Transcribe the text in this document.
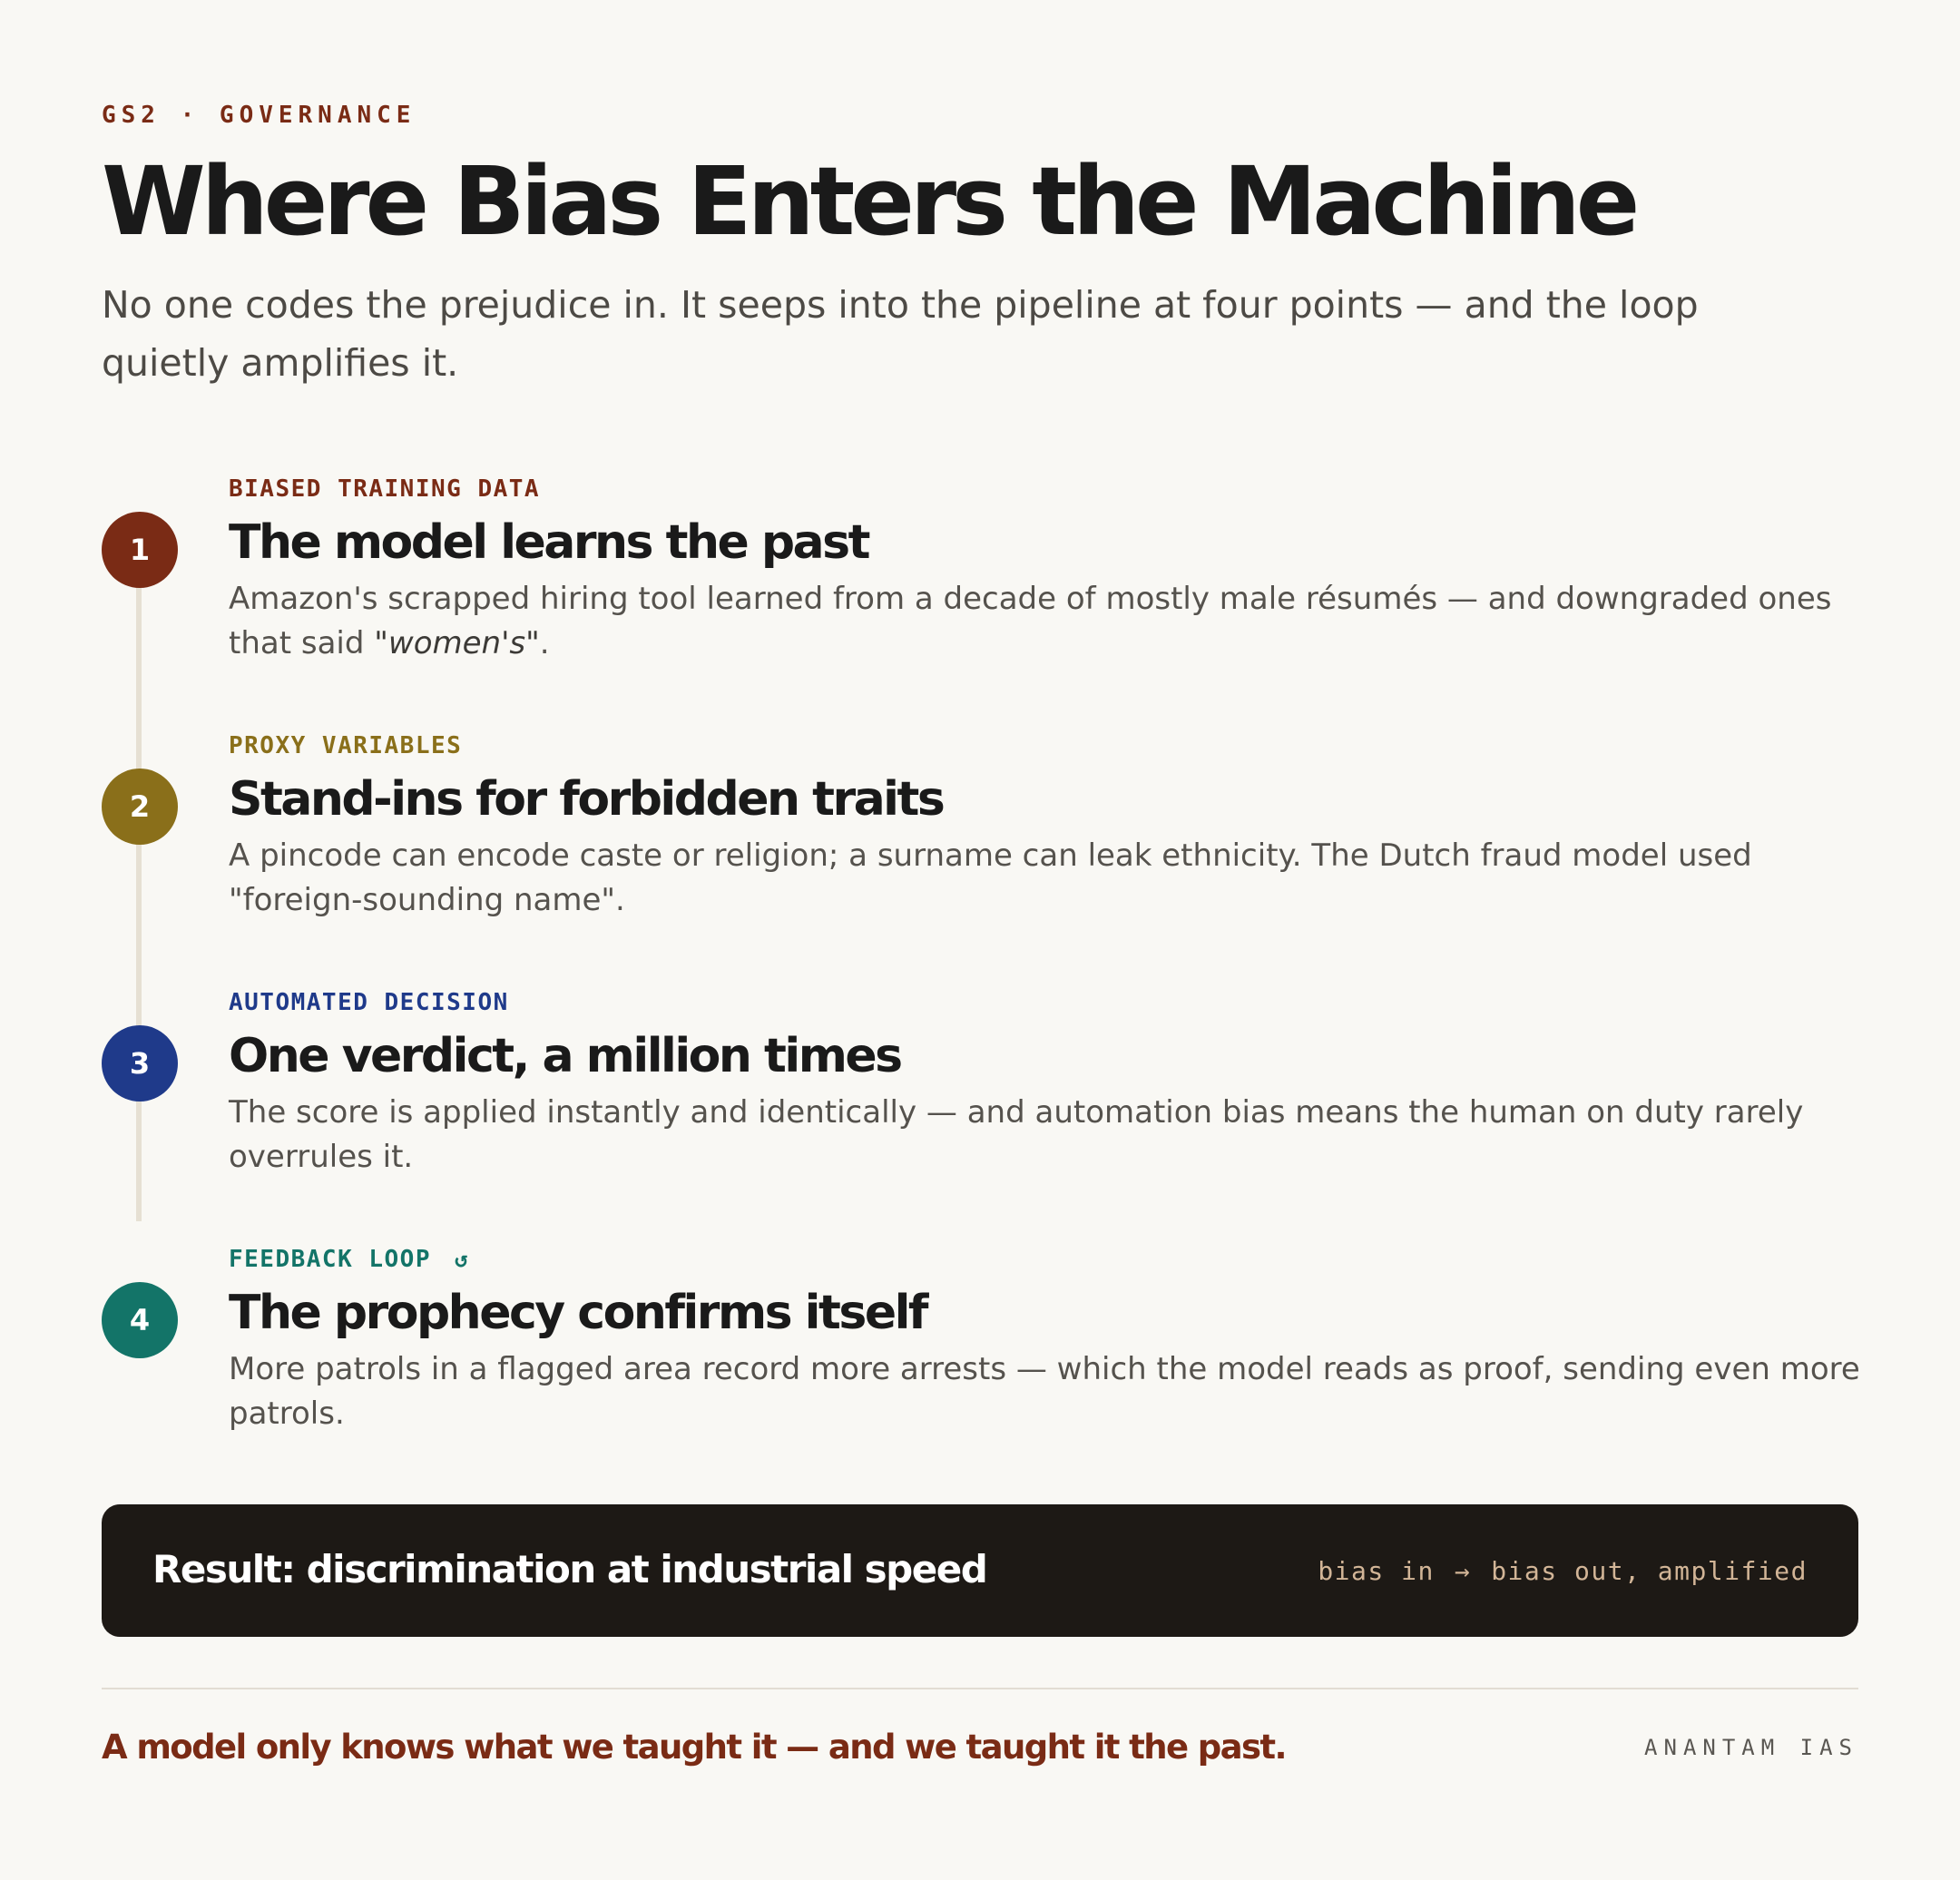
GS2 · GOVERNANCE
Where Bias Enters the Machine

No one codes the prejudice in. It seeps into the pipeline at four points — and the loop quietly amplifies it.

1
BIASED TRAINING DATA
The model learns the past

Amazon's scrapped hiring tool learned from a decade of mostly male résumés — and downgraded ones
that said "women's".

2
PROXY VARIABLES
Stand-ins for forbidden traits

A pincode can encode caste or religion; a surname can leak ethnicity. The Dutch fraud model used
"foreign-sounding name".

3
AUTOMATED DECISION
One verdict, a million times

The score is applied instantly and identically — and automation bias means the human on duty rarely
overrules it.

4
FEEDBACK LOOP ↺
The prophecy confirms itself

More patrols in a flagged area record more arrests — which the model reads as proof, sending even more
patrols.

Result: discrimination at industrial speed	bias in → bias out, amplified
A model only knows what we taught it — and we taught it the past.	ANANTAM IAS
